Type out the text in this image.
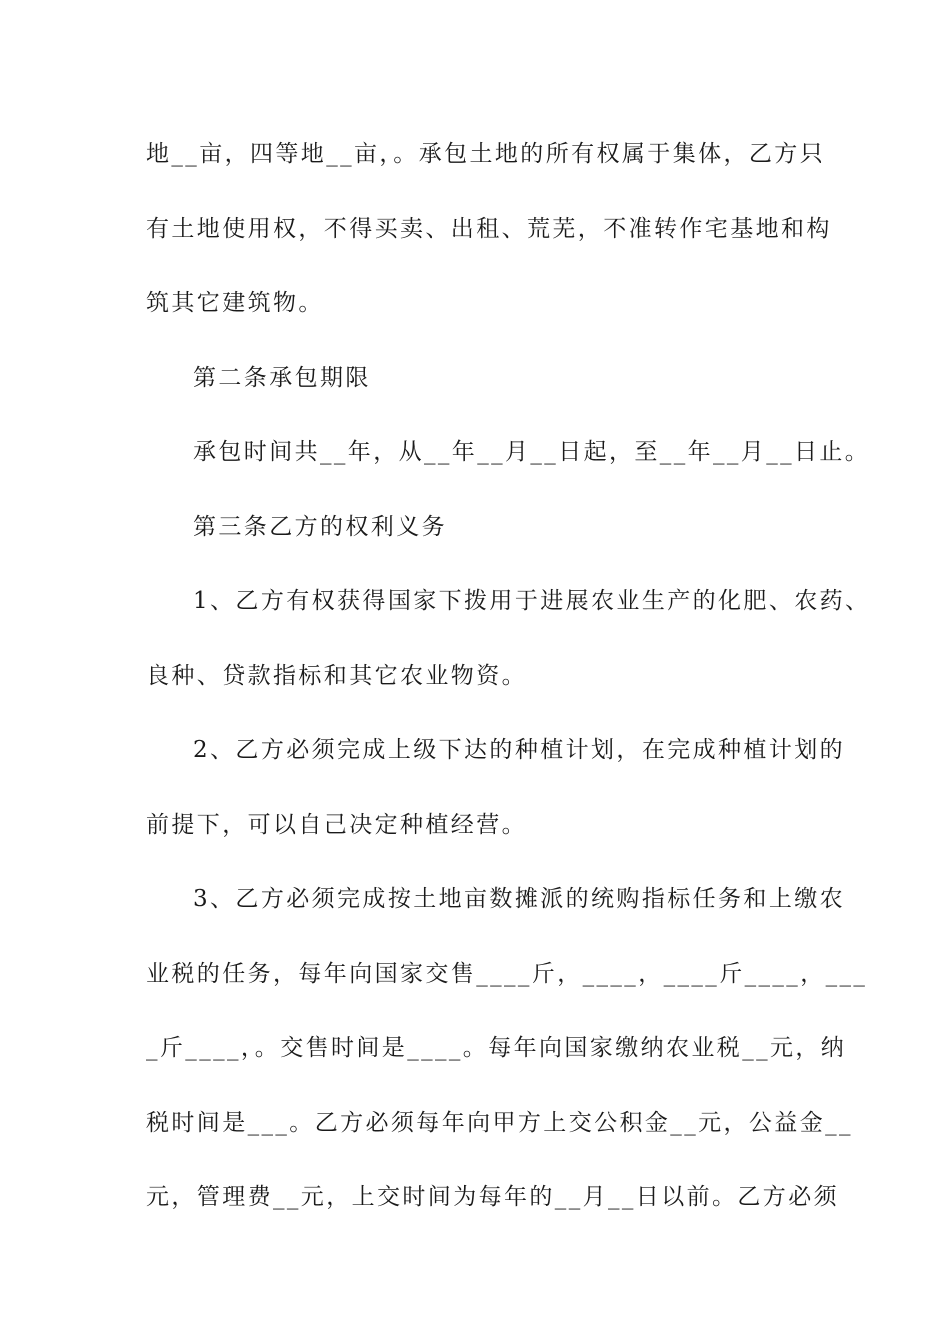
地__亩，四等地__亩，。承包土地的所有权属于集体，乙方只
有土地使用权，不得买卖、出租、荒芜，不准转作宅基地和构
筑其它建筑物。
第二条承包期限
承包时间共__年，从__年__月__日起，至__年__月__日止。
第三条乙方的权利义务
1、乙方有权获得国家下拨用于进展农业生产的化肥、农药、
良种、贷款指标和其它农业物资。
2、乙方必须完成上级下达的种植计划，在完成种植计划的
前提下，可以自己决定种植经营。
3、乙方必须完成按土地亩数摊派的统购指标任务和上缴农
业税的任务，每年向国家交售____斤，____，____斤____，___
_斤____，。交售时间是____。每年向国家缴纳农业税__元，纳
税时间是___。乙方必须每年向甲方上交公积金__元，公益金__
元，管理费__元，上交时间为每年的__月__日以前。乙方必须
